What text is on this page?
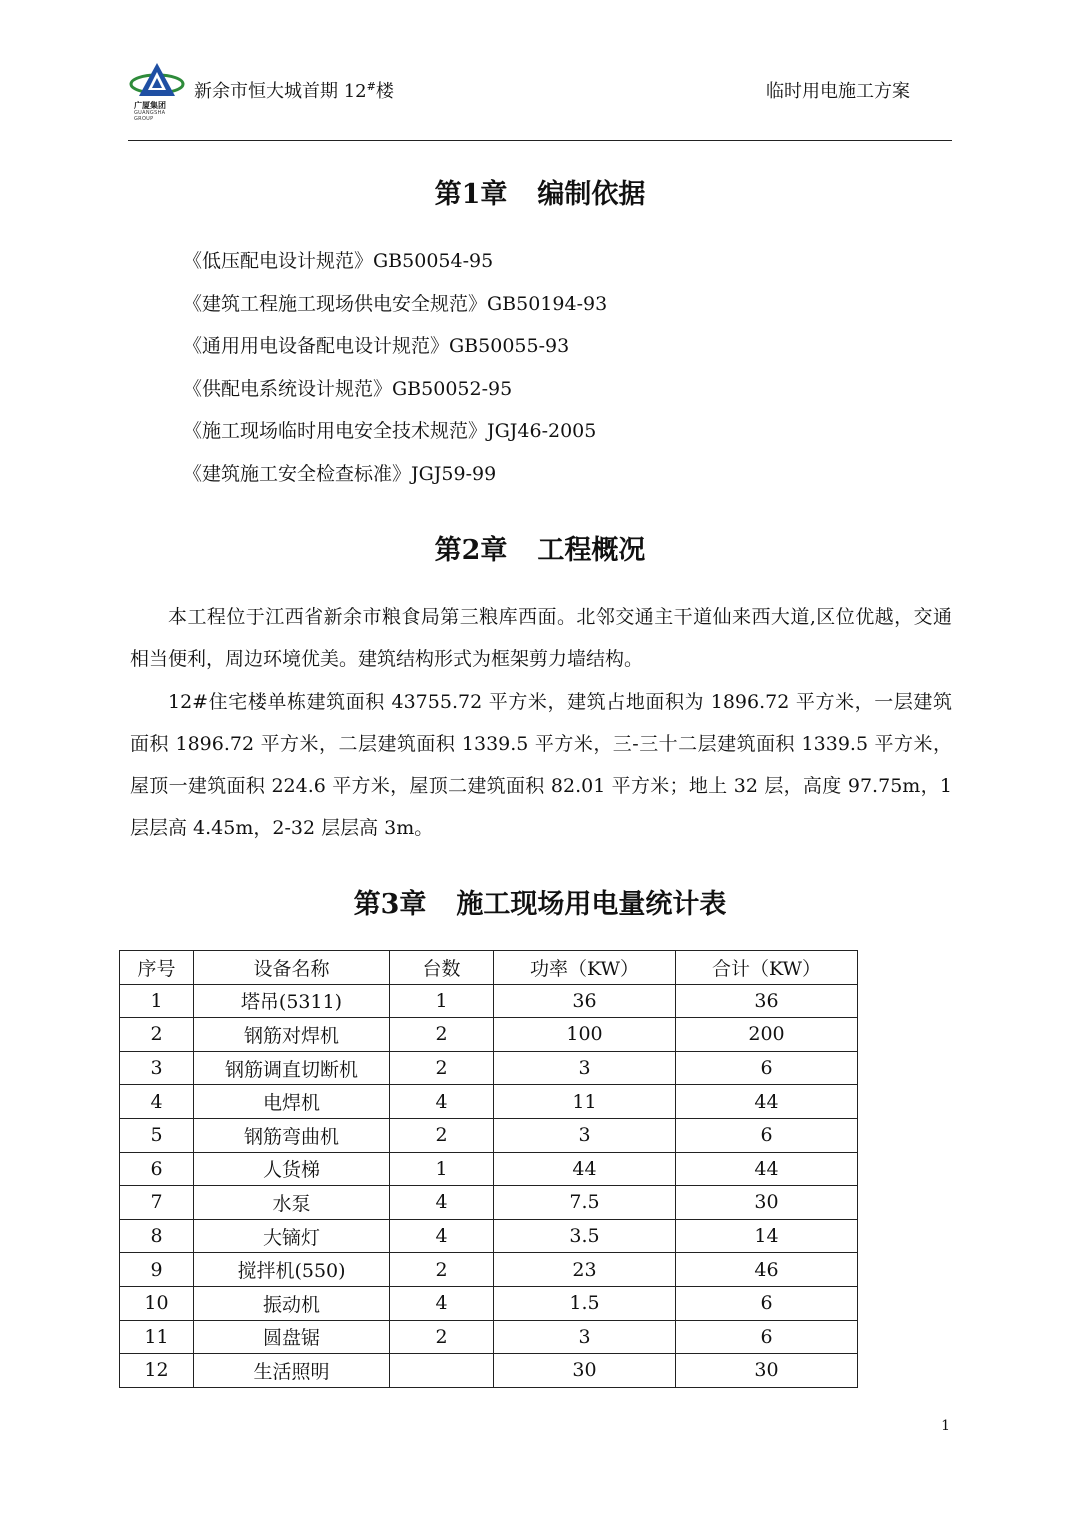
广厦集团
GUANGSHA GROUP
新余市恒大城首期 12#楼	临时用电施工方案
第1章 编制依据
《低压配电设计规范》GB50054-95
《建筑工程施工现场供电安全规范》GB50194-93
《通用用电设备配电设计规范》GB50055-93
《供配电系统设计规范》GB50052-95
《施工现场临时用电安全技术规范》JGJ46-2005
《建筑施工安全检查标准》JGJ59-99
第2章 工程概况

本工程位于江西省新余市粮食局第三粮库西面。北邻交通主干道仙来西大道,区位优越，交通相当便利，周边环境优美。建筑结构形式为框架剪力墙结构。

12#住宅楼单栋建筑面积 43755.72 平方米，建筑占地面积为 1896.72 平方米，一层建筑面积 1896.72 平方米，二层建筑面积 1339.5 平方米，三-三十二层建筑面积 1339.5 平方米，屋顶一建筑面积 224.6 平方米，屋顶二建筑面积 82.01 平方米；地上 32 层，高度 97.75m，1 层层高 4.45m，2-32 层层高 3m。

第3章 施工现场用电量统计表
序号	设备名称	台数	功率（KW）	合计（KW）
1	塔吊(5311)	1	36	36
2	钢筋对焊机	2	100	200
3	钢筋调直切断机	2	3	6
4	电焊机	4	11	44
5	钢筋弯曲机	2	3	6
6	人货梯	1	44	44
7	水泵	4	7.5	30
8	大镝灯	4	3.5	14
9	搅拌机(550)	2	23	46
10	振动机	4	1.5	6
11	圆盘锯	2	3	6
12	生活照明		30	30
1
